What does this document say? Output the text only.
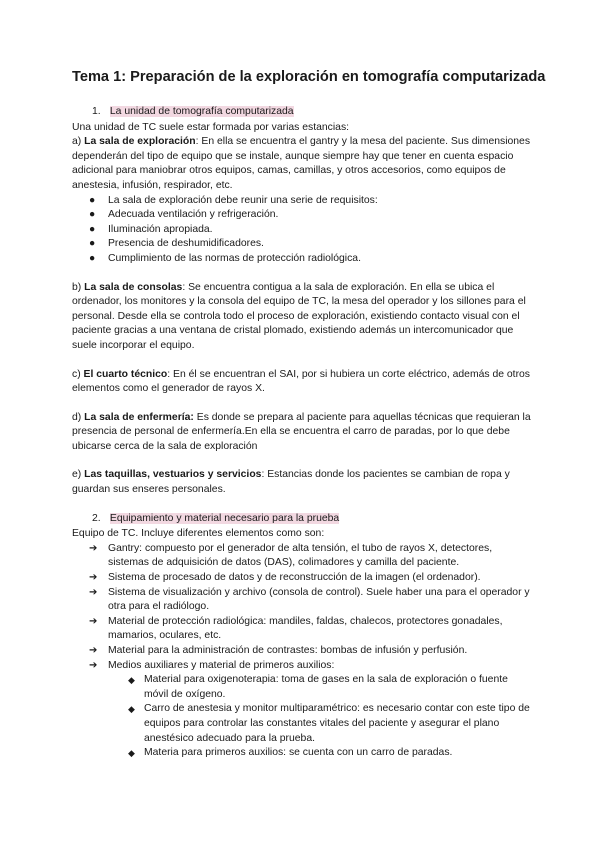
Tema 1: Preparación de la exploración en tomografía computarizada
1. La unidad de tomografía computarizada

Una unidad de TC suele estar formada por varias estancias:

a) La sala de exploración: En ella se encuentra el gantry y la mesa del paciente. Sus dimensiones dependerán del tipo de equipo que se instale, aunque siempre hay que tener en cuenta espacio adicional para maniobrar otros equipos, camas, camillas, y otros accesorios, como equipos de anestesia, infusión, respirador, etc.

● La sala de exploración debe reunir una serie de requisitos:
● Adecuada ventilación y refrigeración.
● Iluminación apropiada.
● Presencia de deshumidificadores.
● Cumplimiento de las normas de protección radiológica.

b) La sala de consolas: Se encuentra contigua a la sala de exploración. En ella se ubica el ordenador, los monitores y la consola del equipo de TC, la mesa del operador y los sillones para el personal. Desde ella se controla todo el proceso de exploración, existiendo contacto visual con el paciente gracias a una ventana de cristal plomado, existiendo además un intercomunicador que suele incorporar el equipo.

c) El cuarto técnico: En él se encuentran el SAI, por si hubiera un corte eléctrico, además de otros elementos como el generador de rayos X.

d) La sala de enfermería: Es donde se prepara al paciente para aquellas técnicas que requieran la presencia de personal de enfermería.En ella se encuentra el carro de paradas, por lo que debe ubicarse cerca de la sala de exploración

e) Las taquillas, vestuarios y servicios: Estancias donde los pacientes se cambian de ropa y guardan sus enseres personales.

2. Equipamiento y material necesario para la prueba

Equipo de TC. Incluye diferentes elementos como son:

➔ Gantry: compuesto por el generador de alta tensión, el tubo de rayos X, detectores, sistemas de adquisición de datos (DAS), colimadores y camilla del paciente.
➔ Sistema de procesado de datos y de reconstrucción de la imagen (el ordenador).
➔ Sistema de visualización y archivo (consola de control). Suele haber una para el operador y otra para el radiólogo.
➔ Material de protección radiológica: mandiles, faldas, chalecos, protectores gonadales, mamarios, oculares, etc.
➔ Material para la administración de contrastes: bombas de infusión y perfusión.
➔ Medios auxiliares y material de primeros auxilios:
◆ Material para oxigenoterapia: toma de gases en la sala de exploración o fuente móvil de oxígeno.
◆ Carro de anestesia y monitor multiparamétrico: es necesario contar con este tipo de equipos para controlar las constantes vitales del paciente y asegurar el plano anestésico adecuado para la prueba.
◆ Materia para primeros auxilios: se cuenta con un carro de paradas.
